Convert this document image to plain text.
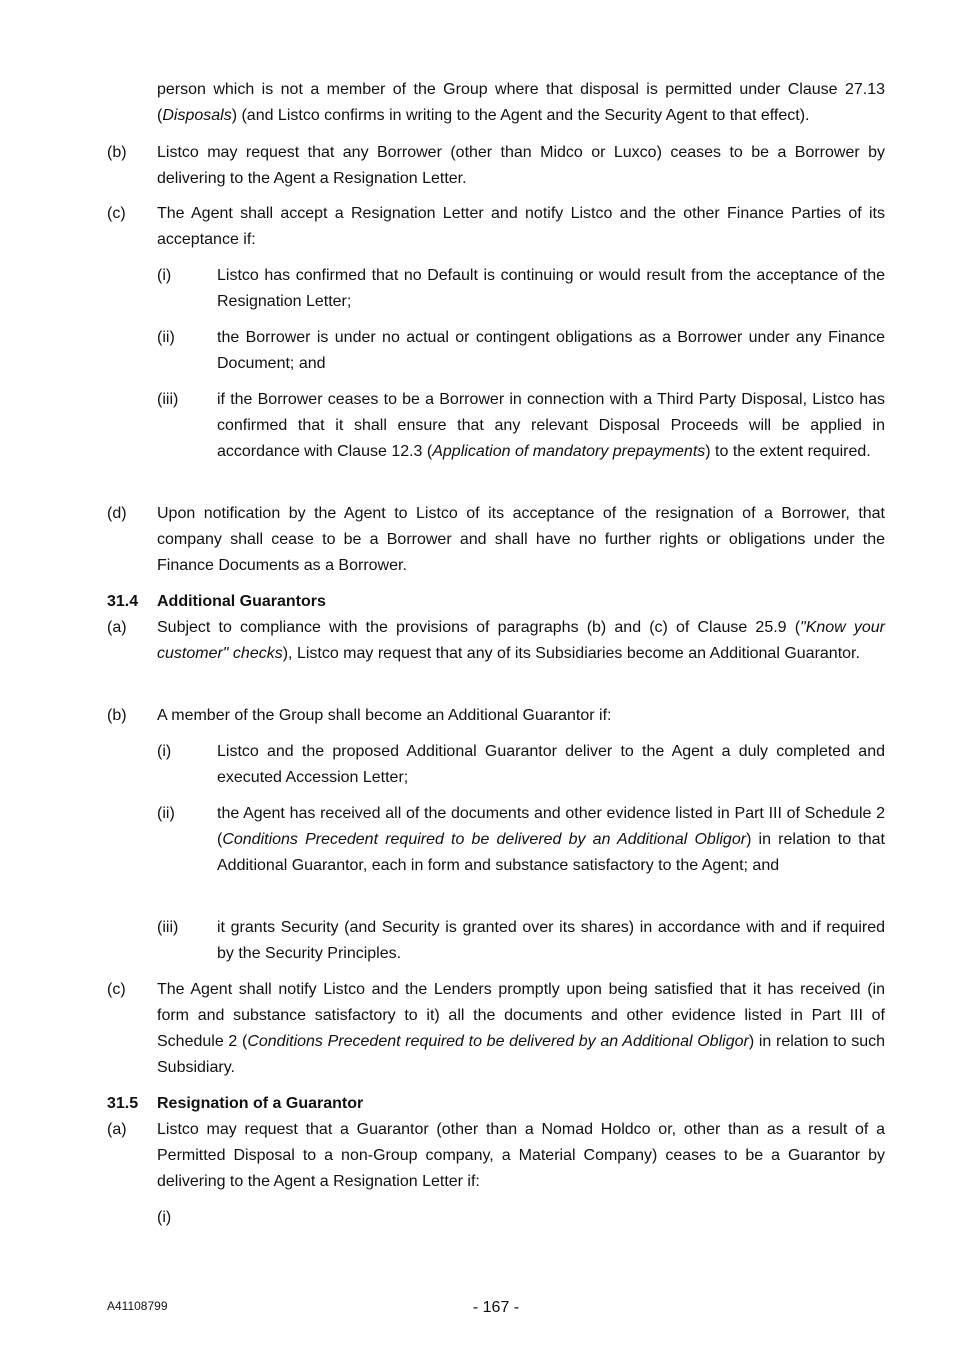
person which is not a member of the Group where that disposal is permitted under Clause 27.13 (Disposals) (and Listco confirms in writing to the Agent and the Security Agent to that effect).
(b) Listco may request that any Borrower (other than Midco or Luxco) ceases to be a Borrower by delivering to the Agent a Resignation Letter.
(c) The Agent shall accept a Resignation Letter and notify Listco and the other Finance Parties of its acceptance if:
(i)	Listco has confirmed that no Default is continuing or would result from the acceptance of the Resignation Letter;
(ii)	the Borrower is under no actual or contingent obligations as a Borrower under any Finance Document; and
(iii) if the Borrower ceases to be a Borrower in connection with a Third Party Disposal, Listco has confirmed that it shall ensure that any relevant Disposal Proceeds will be applied in accordance with Clause 12.3 (Application of mandatory prepayments) to the extent required.
(d) Upon notification by the Agent to Listco of its acceptance of the resignation of a Borrower, that company shall cease to be a Borrower and shall have no further rights or obligations under the Finance Documents as a Borrower.
31.4 Additional Guarantors
(a) Subject to compliance with the provisions of paragraphs (b) and (c) of Clause 25.9 ("Know your customer" checks), Listco may request that any of its Subsidiaries become an Additional Guarantor.
(b) A member of the Group shall become an Additional Guarantor if:
(i)	Listco and the proposed Additional Guarantor deliver to the Agent a duly completed and executed Accession Letter;
(ii)	the Agent has received all of the documents and other evidence listed in Part III of Schedule 2 (Conditions Precedent required to be delivered by an Additional Obligor) in relation to that Additional Guarantor, each in form and substance satisfactory to the Agent; and
(iii) it grants Security (and Security is granted over its shares) in accordance with and if required by the Security Principles.
(c) The Agent shall notify Listco and the Lenders promptly upon being satisfied that it has received (in form and substance satisfactory to it) all the documents and other evidence listed in Part III of Schedule 2 (Conditions Precedent required to be delivered by an Additional Obligor) in relation to such Subsidiary.
31.5 Resignation of a Guarantor
(a) Listco may request that a Guarantor (other than a Nomad Holdco or, other than as a result of a Permitted Disposal to a non-Group company, a Material Company) ceases to be a Guarantor by delivering to the Agent a Resignation Letter if:
(i)
A41108799	- 167 -
